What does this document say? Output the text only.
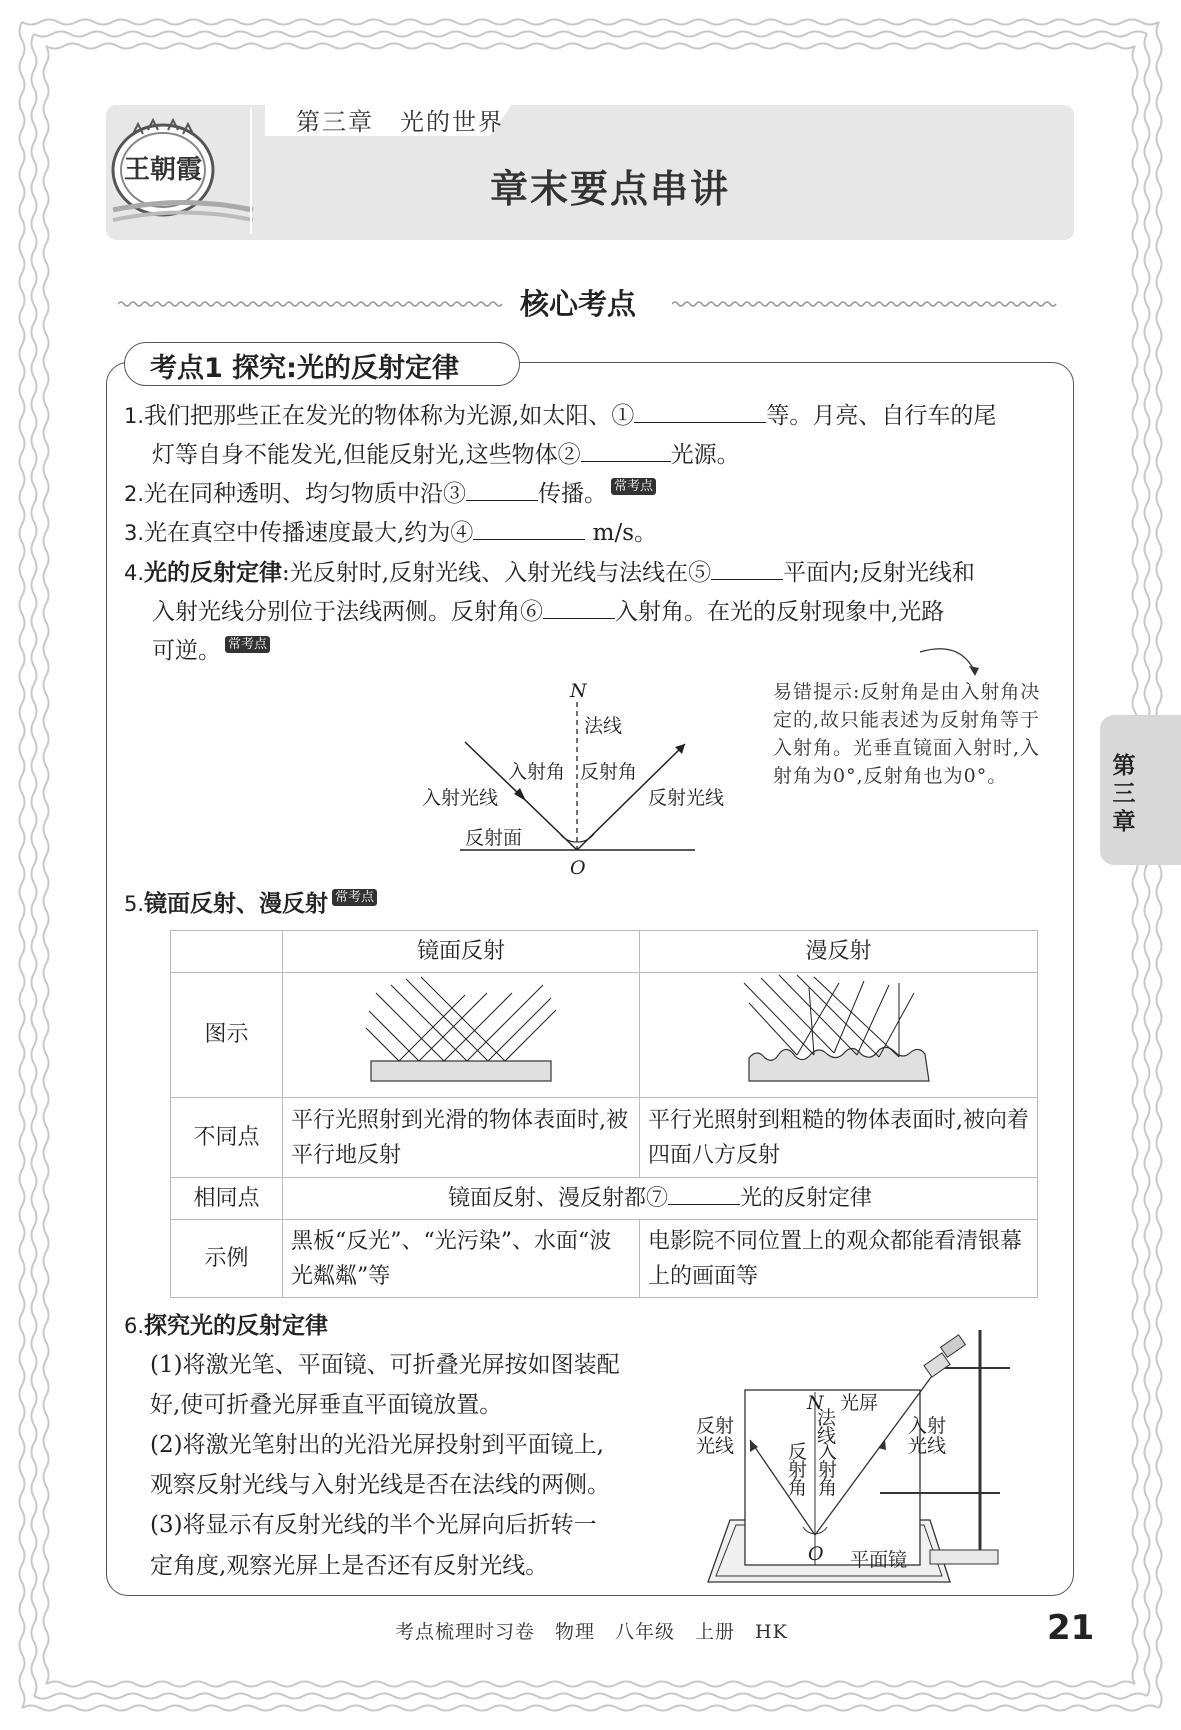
第三章　光的世界
王朝霞	章末要点串讲
核心考点
考点1 探究:光的反射定律
1.我们把那些正在发光的物体称为光源,如太阳、①	等。月亮、自行车的尾
灯等自身不能发光,但能反射光,这些物体②	光源。
2.光在同种透明、均匀物质中沿③	传播。 常考点
3.光在真空中传播速度最大,约为④	m/s。
4.光的反射定律:光反射时,反射光线、入射光线与法线在⑤	平面内;反射光线和
入射光线分别位于法线两侧。反射角⑥	入射角。在光的反射现象中,光路
可逆。 常考点
N
法线
入射角 反射角
入射光线	反射光线
反射面
O
易错提示:反射角是由入射角决定的,故只能表述为反射角等于入射角。光垂直镜面入射时,入射角为0°,反射角也为0°。
5.镜面反射、漫反射 常考点
	镜面反射	漫反射
图示		
不同点	平行光照射到光滑的物体表面时,被平行地反射	平行光照射到粗糙的物体表面时,被向着四面八方反射
相同点	镜面反射、漫反射都⑦ 光的反射定律	
示例	黑板“反光”、“光污染”、水面“波光粼粼”等	电影院不同位置上的观众都能看清银幕上的画面等
6.探究光的反射定律
(1)将激光笔、平面镜、可折叠光屏按如图装配
好,使可折叠光屏垂直平面镜放置。
(2)将激光笔射出的光沿光屏投射到平面镜上,
观察反射光线与入射光线是否在法线的两侧。
(3)将显示有反射光线的半个光屏向后折转一
定角度,观察光屏上是否还有反射光线。
N 光屏
法线
反射光线
入射光线
反射角
入射角
O 平面镜
第
三
章
考点梳理时习卷　物理　八年级　上册　HK	21
